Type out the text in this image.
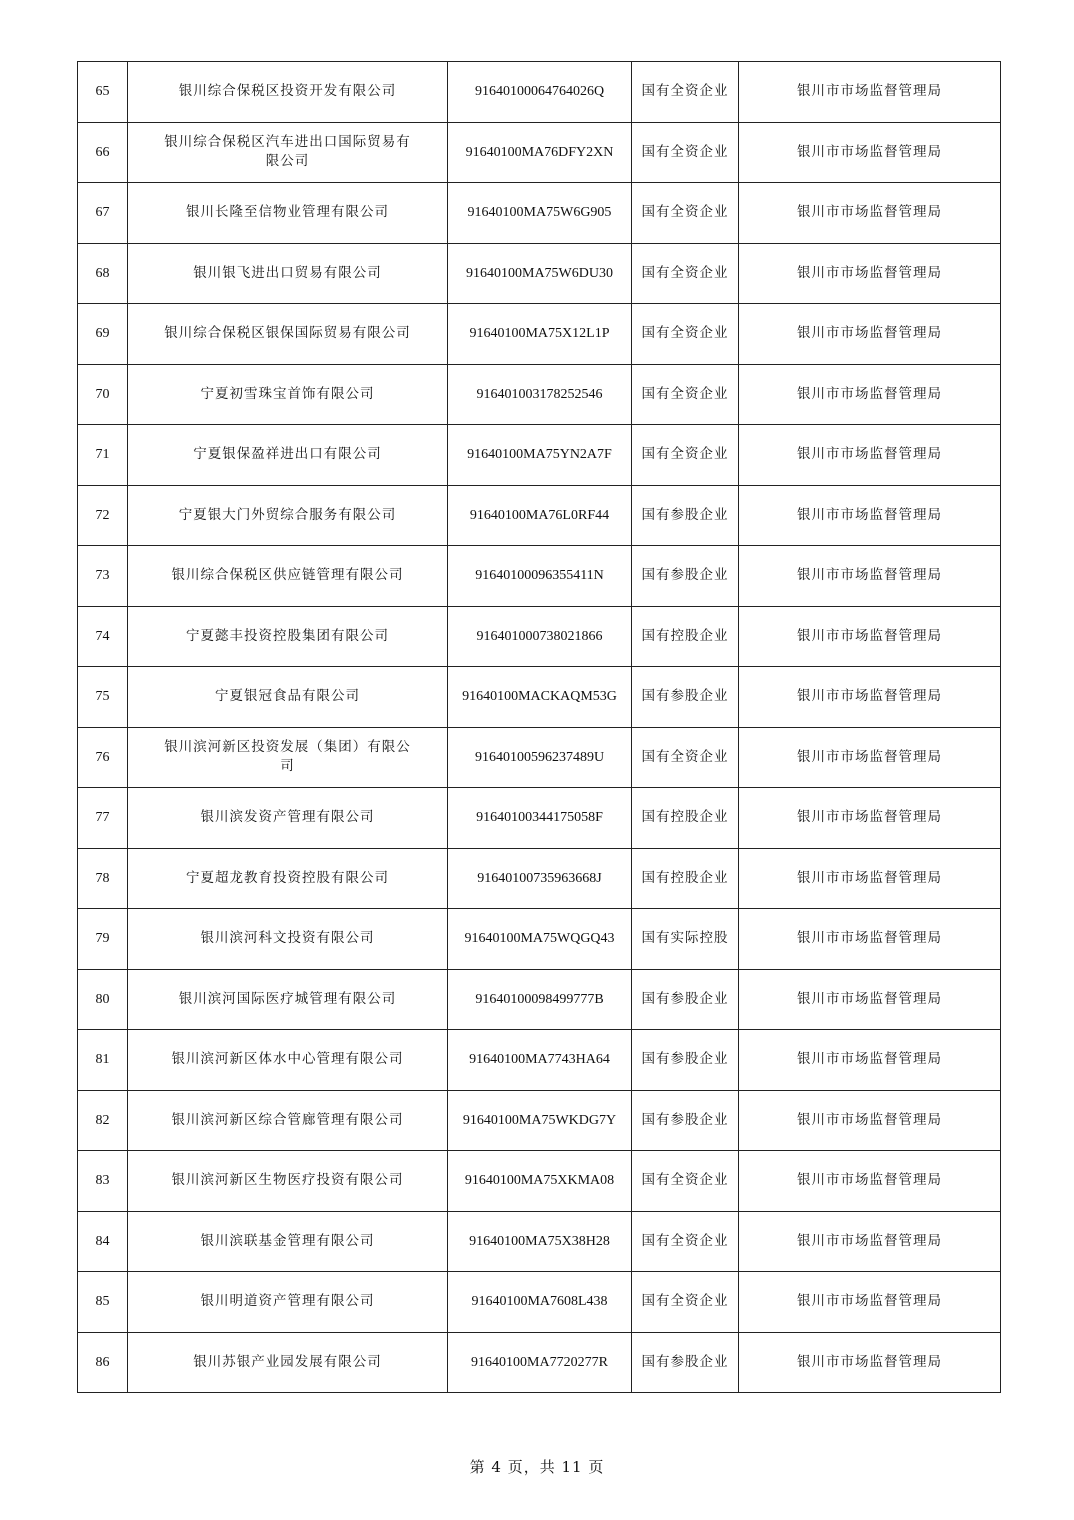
65	银川综合保税区投资开发有限公司	91640100064764026Q	国有全资企业	银川市市场监督管理局
66	银川综合保税区汽车进出口国际贸易有限公司	91640100MA76DFY2XN	国有全资企业	银川市市场监督管理局
67	银川长隆至信物业管理有限公司	91640100MA75W6G905	国有全资企业	银川市市场监督管理局
68	银川银飞进出口贸易有限公司	91640100MA75W6DU30	国有全资企业	银川市市场监督管理局
69	银川综合保税区银保国际贸易有限公司	91640100MA75X12L1P	国有全资企业	银川市市场监督管理局
70	宁夏初雪珠宝首饰有限公司	916401003178252546	国有全资企业	银川市市场监督管理局
71	宁夏银保盈祥进出口有限公司	91640100MA75YN2A7F	国有全资企业	银川市市场监督管理局
72	宁夏银大门外贸综合服务有限公司	91640100MA76L0RF44	国有参股企业	银川市市场监督管理局
73	银川综合保税区供应链管理有限公司	91640100096355411N	国有参股企业	银川市市场监督管理局
74	宁夏懿丰投资控股集团有限公司	916401000738021866	国有控股企业	银川市市场监督管理局
75	宁夏银冠食品有限公司	91640100MACKAQM53G	国有参股企业	银川市市场监督管理局
76	银川滨河新区投资发展（集团）有限公司	91640100596237489U	国有全资企业	银川市市场监督管理局
77	银川滨发资产管理有限公司	91640100344175058F	国有控股企业	银川市市场监督管理局
78	宁夏超龙教育投资控股有限公司	91640100735963668J	国有控股企业	银川市市场监督管理局
79	银川滨河科文投资有限公司	91640100MA75WQGQ43	国有实际控股	银川市市场监督管理局
80	银川滨河国际医疗城管理有限公司	91640100098499777B	国有参股企业	银川市市场监督管理局
81	银川滨河新区体水中心管理有限公司	91640100MA7743HA64	国有参股企业	银川市市场监督管理局
82	银川滨河新区综合管廊管理有限公司	91640100MA75WKDG7Y	国有参股企业	银川市市场监督管理局
83	银川滨河新区生物医疗投资有限公司	91640100MA75XKMA08	国有全资企业	银川市市场监督管理局
84	银川滨联基金管理有限公司	91640100MA75X38H28	国有全资企业	银川市市场监督管理局
85	银川明道资产管理有限公司	91640100MA7608L438	国有全资企业	银川市市场监督管理局
86	银川苏银产业园发展有限公司	91640100MA7720277R	国有参股企业	银川市市场监督管理局
第 4 页，共 11 页
